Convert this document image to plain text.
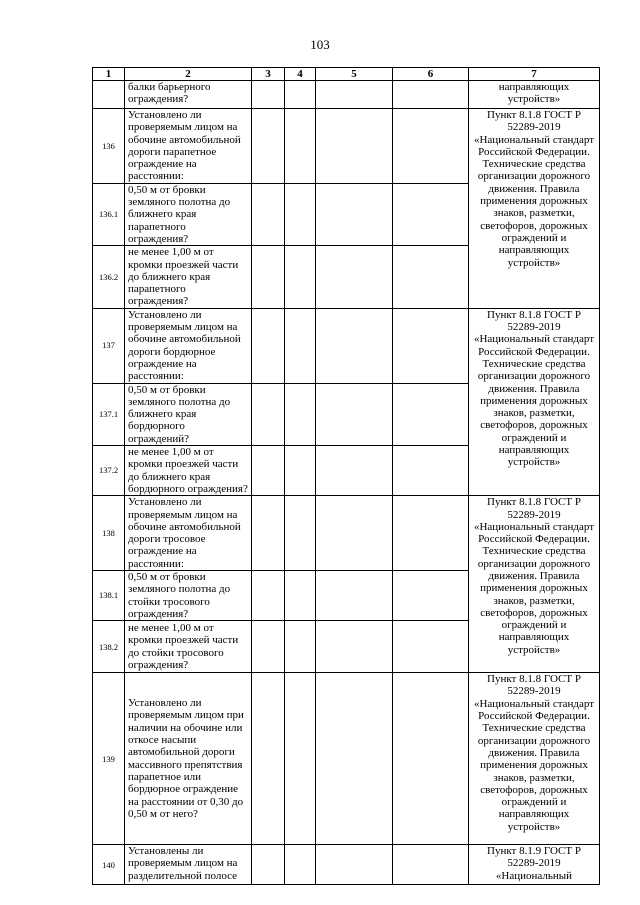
103
1	2	3	4	5	6	7
	балки барьерного ограждения?					направляющих устройств»
136	Установлено ли проверяемым лицом на обочине автомобильной дороги парапетное ограждение на расстоянии:					Пункт 8.1.8 ГОСТ Р 52289-2019 «Национальный стандарт Российской Федерации. Технические средства организации дорожного движения. Правила применения дорожных знаков, разметки, светофоров, дорожных ограждений и направляющих устройств»
136.1	0,50 м от бровки земляного полотна до ближнего края парапетного ограждения?					
136.2	не менее 1,00 м от кромки проезжей части до ближнего края парапетного ограждения?					
137	Установлено ли проверяемым лицом на обочине автомобильной дороги бордюрное ограждение на расстоянии:					Пункт 8.1.8 ГОСТ Р 52289-2019 «Национальный стандарт Российской Федерации. Технические средства организации дорожного движения. Правила применения дорожных знаков, разметки, светофоров, дорожных ограждений и направляющих устройств»
137.1	0,50 м от бровки земляного полотна до ближнего края бордюрного ограждений?					
137.2	не менее 1,00 м от кромки проезжей части до ближнего края бордюрного ограждения?					
138	Установлено ли проверяемым лицом на обочине автомобильной дороги тросовое ограждение на расстоянии:					Пункт 8.1.8 ГОСТ Р 52289-2019 «Национальный стандарт Российской Федерации. Технические средства организации дорожного движения. Правила применения дорожных знаков, разметки, светофоров, дорожных ограждений и направляющих устройств»
138.1	0,50 м от бровки земляного полотна до стойки тросового ограждения?					
138.2	не менее 1,00 м от кромки проезжей части до стойки тросового ограждения?					
139	Установлено ли проверяемым лицом при наличии на обочине или откосе насыпи автомобильной дороги массивного препятствия парапетное или бордюрное ограждение на расстоянии от 0,30 до 0,50 м от него?					Пункт 8.1.8 ГОСТ Р 52289-2019 «Национальный стандарт Российской Федерации. Технические средства организации дорожного движения. Правила применения дорожных знаков, разметки, светофоров, дорожных ограждений и направляющих устройств»
140	Установлены ли проверяемым лицом на разделительной полосе					Пункт 8.1.9 ГОСТ Р 52289-2019 «Национальный
